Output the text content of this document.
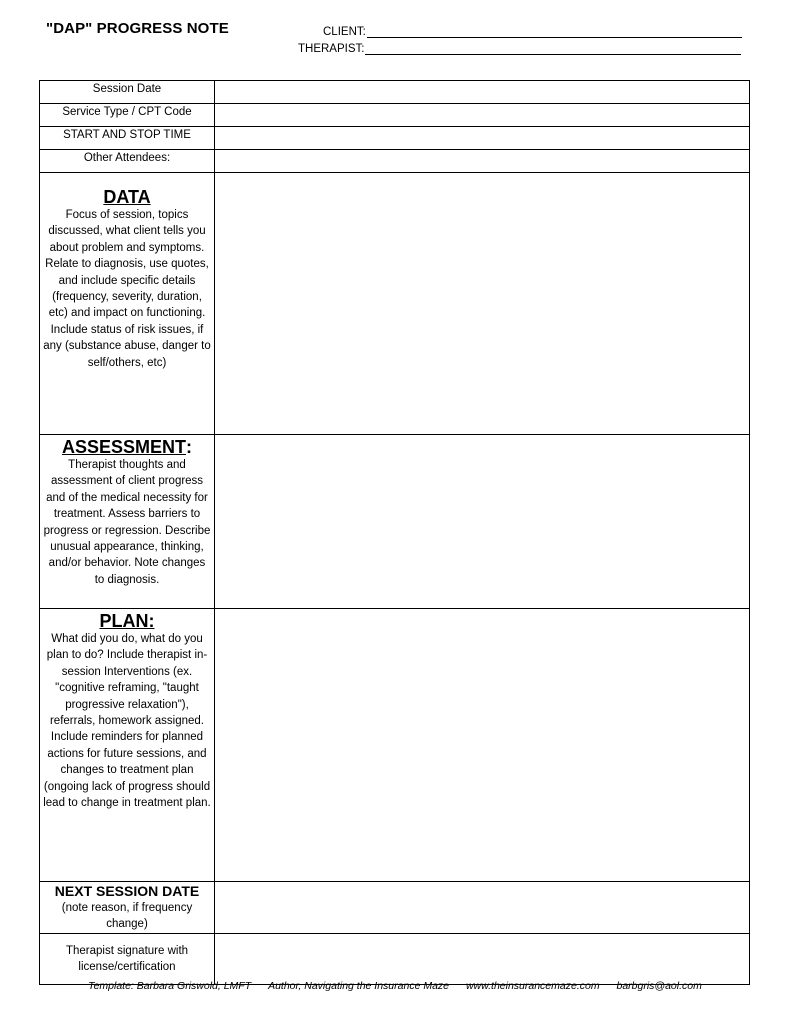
"DAP" PROGRESS NOTE	CLIENT:
THERAPIST:
Session Date	
Service Type / CPT Code	
START AND STOP TIME	
Other Attendees:	

DATA
Focus of session, topics discussed, what client tells you about problem and symptoms. Relate to diagnosis, use quotes, and include specific details (frequency, severity, duration, etc) and impact on functioning. Include status of risk issues, if any (substance abuse, danger to self/others, etc)	

ASSESSMENT:
Therapist thoughts and assessment of client progress and of the medical necessity for treatment. Assess barriers to progress or regression. Describe unusual appearance, thinking, and/or behavior. Note changes to diagnosis.	

PLAN:
What did you do, what do you plan to do? Include therapist in-session Interventions (ex. "cognitive reframing, "taught progressive relaxation"), referrals, homework assigned. Include reminders for planned actions for future sessions, and changes to treatment plan (ongoing lack of progress should lead to change in treatment plan.	

NEXT SESSION DATE
(note reason, if frequency change)	

Therapist signature with license/certification	

Template: Barbara Griswold, LMFT Author, Navigating the Insurance Maze www.theinsurancemaze.com barbgris@aol.com
